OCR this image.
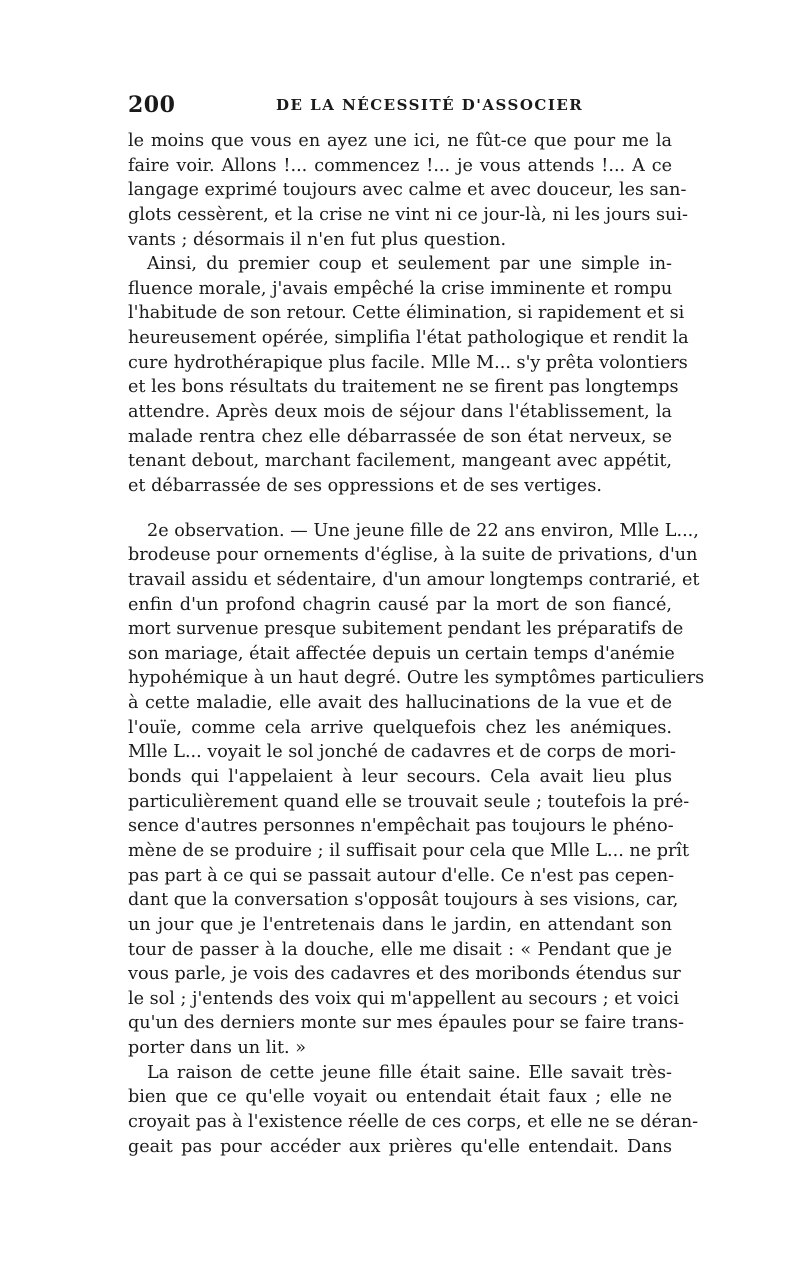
200	DE LA NÉCESSITÉ D'ASSOCIER
le moins que vous en ayez une ici, ne fût-ce que pour me la
faire voir. Allons !... commencez !... je vous attends !... A ce
langage exprimé toujours avec calme et avec douceur, les san-
glots cessèrent, et la crise ne vint ni ce jour-là, ni les jours sui-
vants ; désormais il n'en fut plus question.
Ainsi, du premier coup et seulement par une simple in-
fluence morale, j'avais empêché la crise imminente et rompu
l'habitude de son retour. Cette élimination, si rapidement et si
heureusement opérée, simplifia l'état pathologique et rendit la
cure hydrothérapique plus facile. Mlle M... s'y prêta volontiers
et les bons résultats du traitement ne se firent pas longtemps
attendre. Après deux mois de séjour dans l'établissement, la
malade rentra chez elle débarrassée de son état nerveux, se
tenant debout, marchant facilement, mangeant avec appétit,
et débarrassée de ses oppressions et de ses vertiges.
2e observation. — Une jeune fille de 22 ans environ, Mlle L...,
brodeuse pour ornements d'église, à la suite de privations, d'un
travail assidu et sédentaire, d'un amour longtemps contrarié, et
enfin d'un profond chagrin causé par la mort de son fiancé,
mort survenue presque subitement pendant les préparatifs de
son mariage, était affectée depuis un certain temps d'anémie
hypohémique à un haut degré. Outre les symptômes particuliers
à cette maladie, elle avait des hallucinations de la vue et de
l'ouïe, comme cela arrive quelquefois chez les anémiques.
Mlle L... voyait le sol jonché de cadavres et de corps de mori-
bonds qui l'appelaient à leur secours. Cela avait lieu plus
particulièrement quand elle se trouvait seule ; toutefois la pré-
sence d'autres personnes n'empêchait pas toujours le phéno-
mène de se produire ; il suffisait pour cela que Mlle L... ne prît
pas part à ce qui se passait autour d'elle. Ce n'est pas cepen-
dant que la conversation s'opposât toujours à ses visions, car,
un jour que je l'entretenais dans le jardin, en attendant son
tour de passer à la douche, elle me disait : « Pendant que je
vous parle, je vois des cadavres et des moribonds étendus sur
le sol ; j'entends des voix qui m'appellent au secours ; et voici
qu'un des derniers monte sur mes épaules pour se faire trans-
porter dans un lit. »
La raison de cette jeune fille était saine. Elle savait très-
bien que ce qu'elle voyait ou entendait était faux ; elle ne
croyait pas à l'existence réelle de ces corps, et elle ne se déran-
geait pas pour accéder aux prières qu'elle entendait. Dans
